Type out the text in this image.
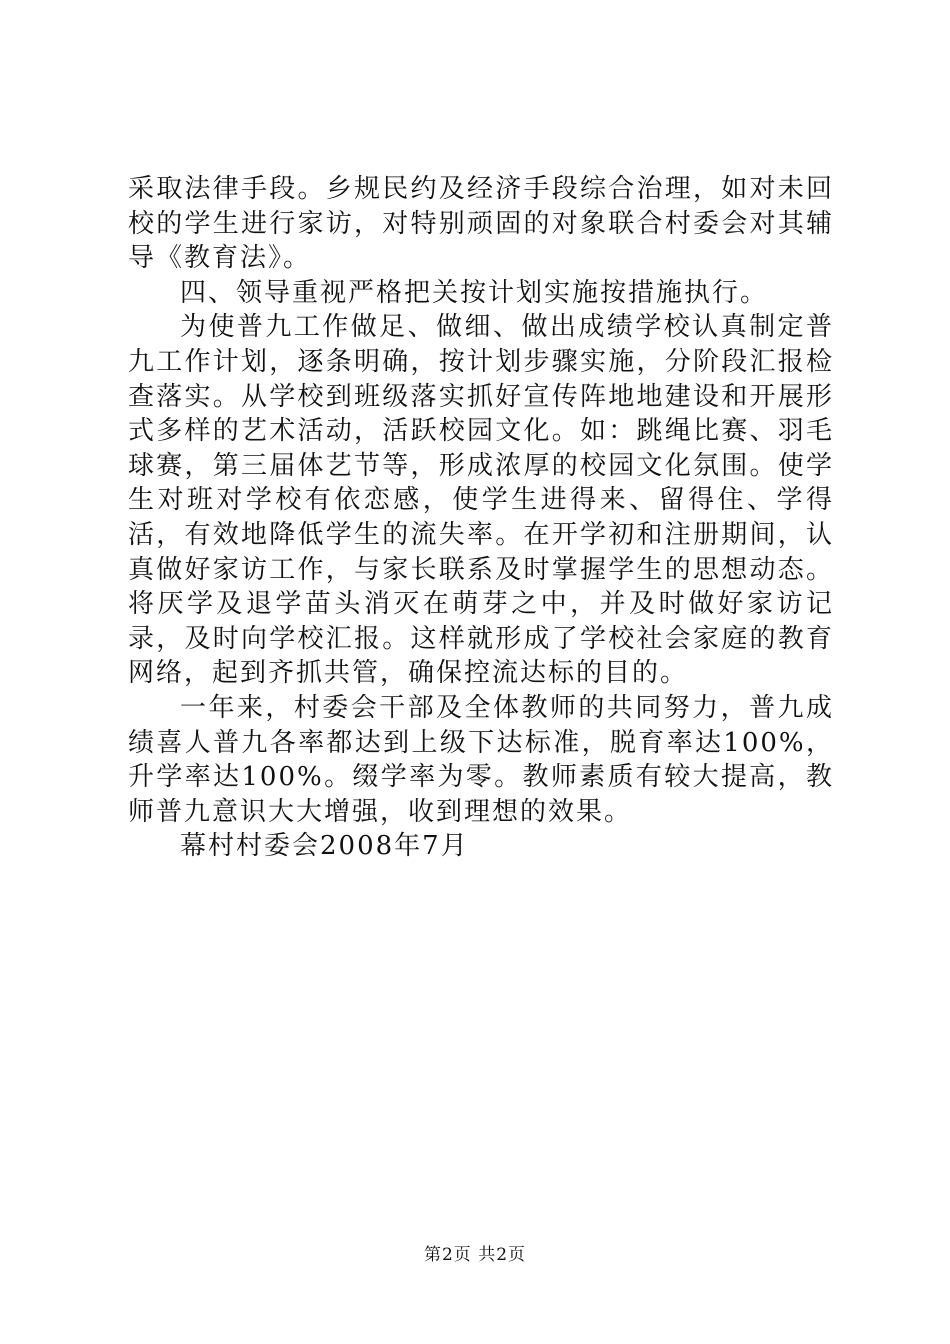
采取法律手段。乡规民约及经济手段综合治理，如对未回校的学生进行家访，对特别顽固的对象联合村委会对其辅导《教育法》。

四、领导重视严格把关按计划实施按措施执行。

为使普九工作做足、做细、做出成绩学校认真制定普九工作计划，逐条明确，按计划步骤实施，分阶段汇报检查落实。从学校到班级落实抓好宣传阵地地建设和开展形式多样的艺术活动，活跃校园文化。如：跳绳比赛、羽毛球赛，第三届体艺节等，形成浓厚的校园文化氛围。使学生对班对学校有依恋感，使学生进得来、留得住、学得活，有效地降低学生的流失率。在开学初和注册期间，认真做好家访工作，与家长联系及时掌握学生的思想动态。将厌学及退学苗头消灭在萌芽之中，并及时做好家访记录，及时向学校汇报。这样就形成了学校社会家庭的教育网络，起到齐抓共管，确保控流达标的目的。

一年来，村委会干部及全体教师的共同努力，普九成绩喜人普九各率都达到上级下达标准，脱育率达100%，升学率达100%。缀学率为零。教师素质有较大提高，教师普九意识大大增强，收到理想的效果。

幕村村委会2008年7月

第2页 共2页
